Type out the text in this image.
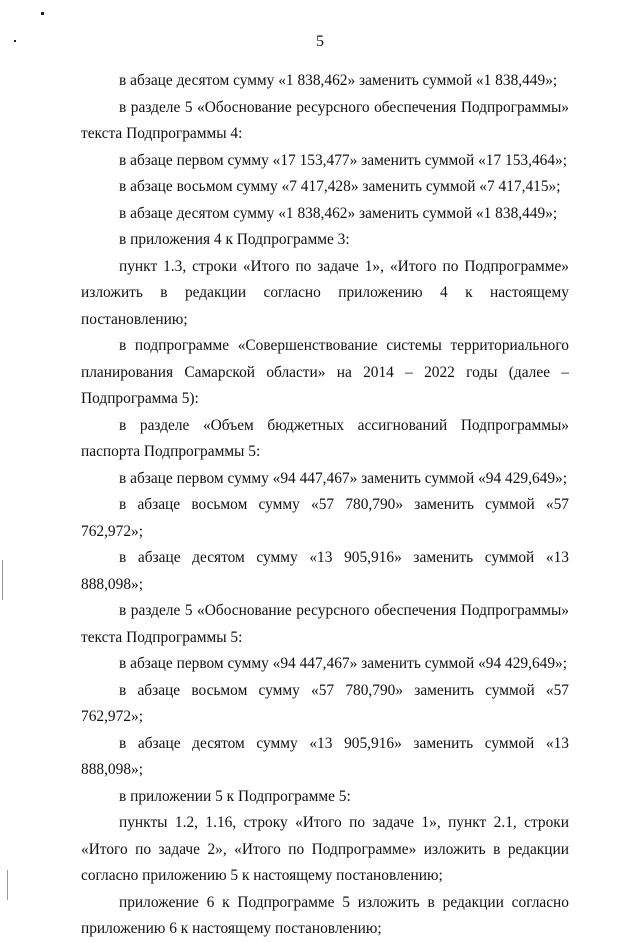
5

в абзаце десятом сумму «1 838,462» заменить суммой «1 838,449»;

в разделе 5 «Обоснование ресурсного обеспечения Подпрограммы» текста Подпрограммы 4:

в абзаце первом сумму «17 153,477» заменить суммой «17 153,464»;

в абзаце восьмом сумму «7 417,428» заменить суммой «7 417,415»;

в абзаце десятом сумму «1 838,462» заменить суммой «1 838,449»;

в приложения 4 к Подпрограмме 3:

пункт 1.3, строки «Итого по задаче 1», «Итого по Подпрограмме» изложить в редакции согласно приложению 4 к настоящему постановлению;

в подпрограмме «Совершенствование системы территориального планирования Самарской области» на 2014 – 2022 годы (далее – Подпрограмма 5):

в разделе «Объем бюджетных ассигнований Подпрограммы» паспорта Подпрограммы 5:

в абзаце первом сумму «94 447,467» заменить суммой «94 429,649»;

в абзаце восьмом сумму «57 780,790» заменить суммой «57 762,972»;

в абзаце десятом сумму «13 905,916» заменить суммой «13 888,098»;

в разделе 5 «Обоснование ресурсного обеспечения Подпрограммы» текста Подпрограммы 5:

в абзаце первом сумму «94 447,467» заменить суммой «94 429,649»;

в абзаце восьмом сумму «57 780,790» заменить суммой «57 762,972»;

в абзаце десятом сумму «13 905,916» заменить суммой «13 888,098»;

в приложении 5 к Подпрограмме 5:

пункты 1.2, 1.16, строку «Итого по задаче 1», пункт 2.1, строки «Итого по задаче 2», «Итого по Подпрограмме» изложить в редакции согласно приложению 5 к настоящему постановлению;

приложение 6 к Подпрограмме 5 изложить в редакции согласно приложению 6 к настоящему постановлению;
